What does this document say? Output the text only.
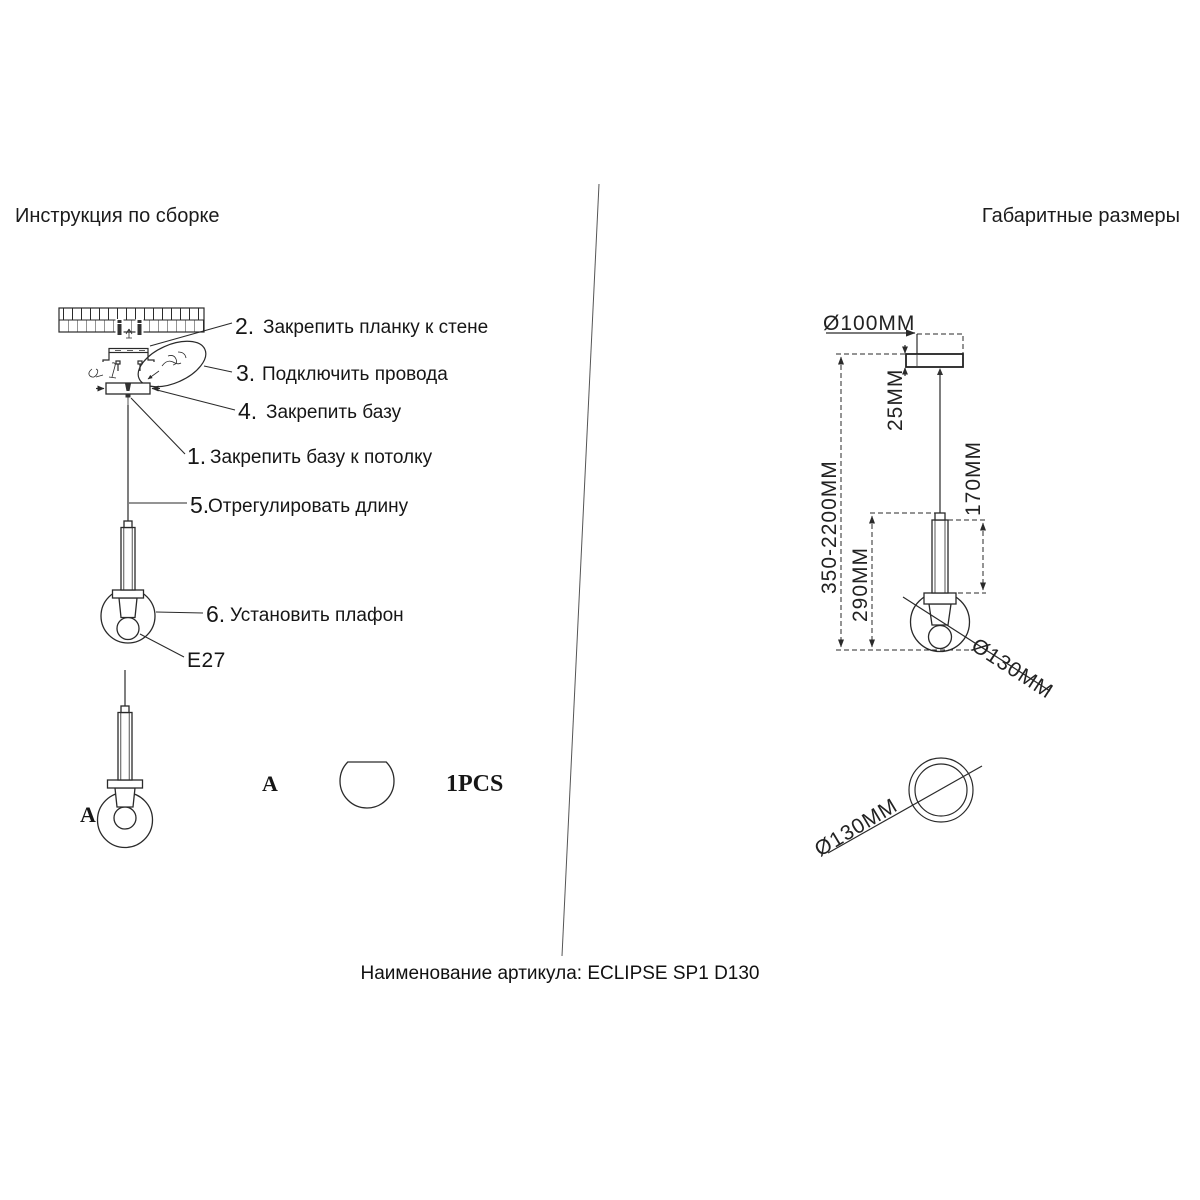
Инструкция по сборке	Габаритные размеры
2. Закрепить планку к стене
3. Подключить провода
4. Закрепить базу
1. Закрепить базу к потолку
5.
Отрегулировать длину
6. Установить плафон
E27
A
A	1PCS
Ø100MM
25MM
350-2200MM 290MM
170MM
Ø130MM
Ø130MM
Наименование артикула: ECLIPSE SP1 D130
